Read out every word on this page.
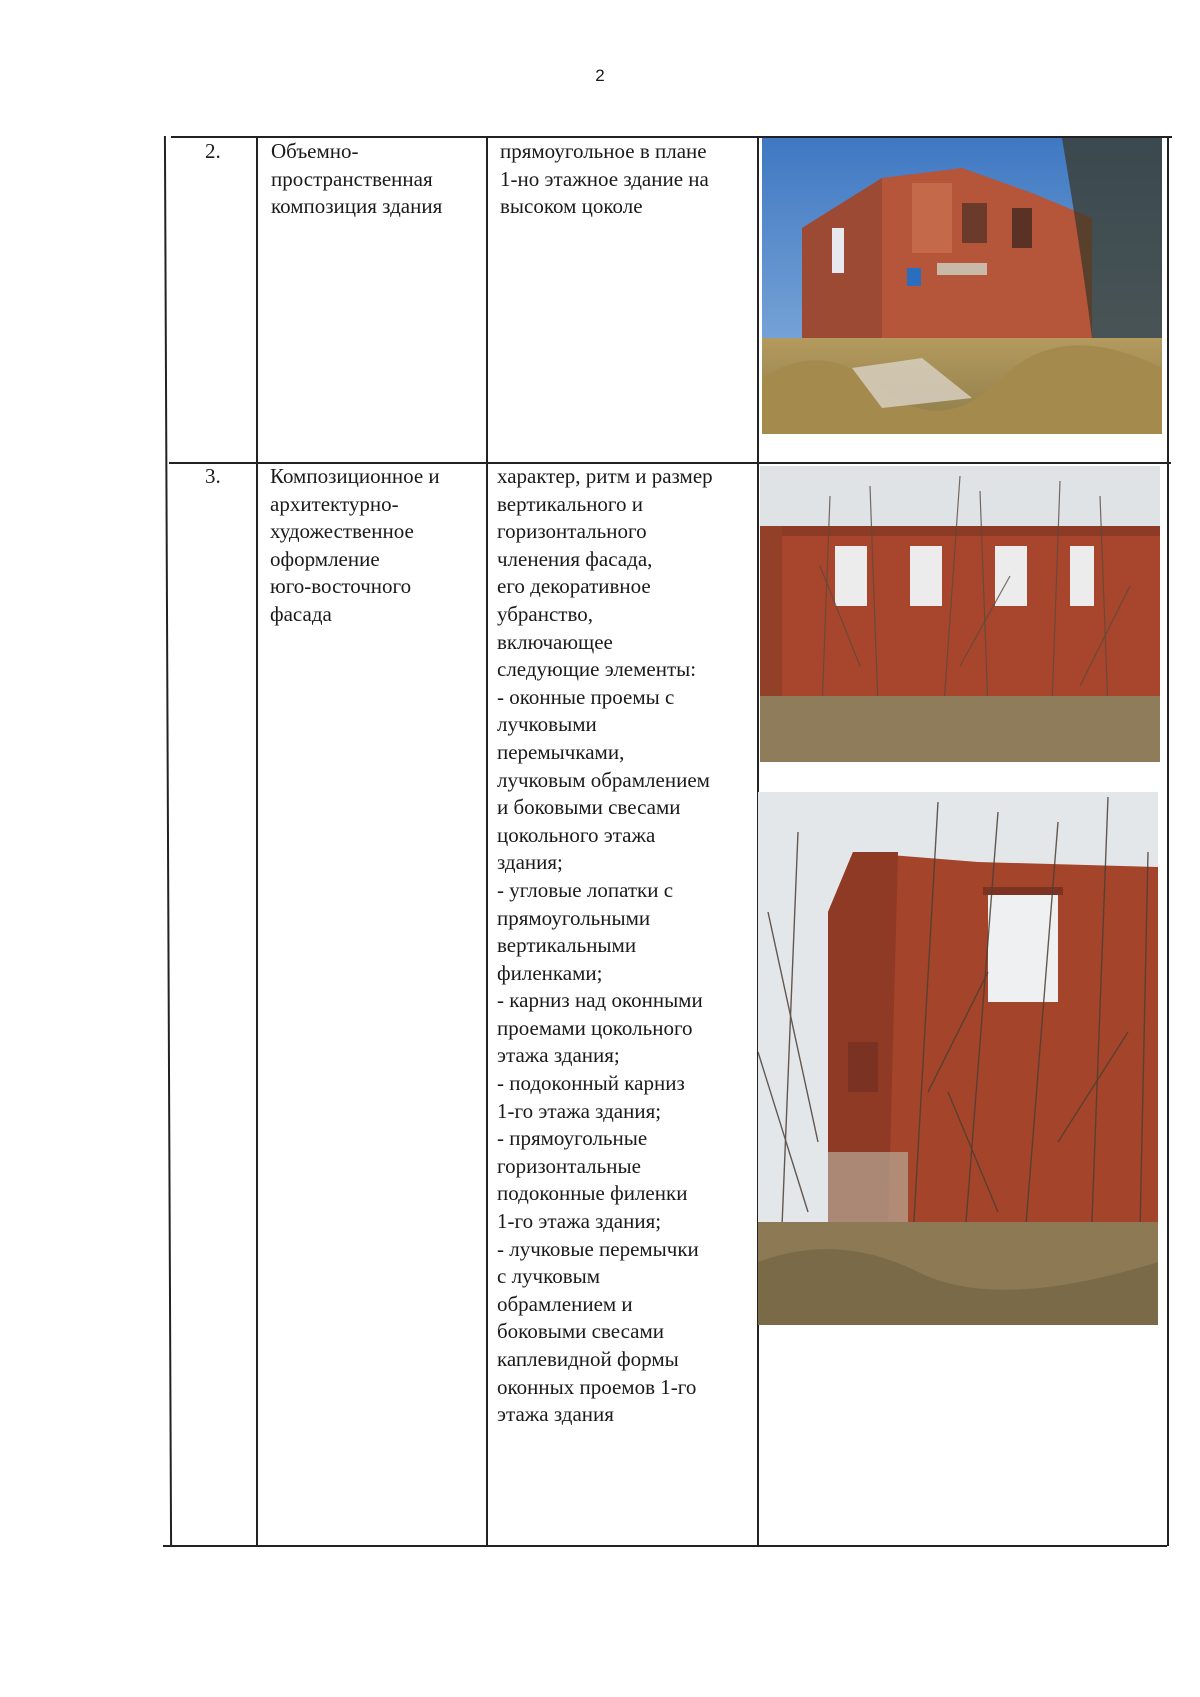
2
2. Объемно-
пространственная
композиция здания
прямоугольное в плане
1-но этажное здание на
высоком цоколе
3. Композиционное и
архитектурно-
художественное
оформление
юго-восточного
фасада
характер, ритм и размер
вертикального и
горизонтального
членения фасада,
его декоративное
убранство,
включающее
следующие элементы:
- оконные проемы с
лучковыми
перемычками,
лучковым обрамлением
и боковыми свесами
цокольного этажа
здания;
- угловые лопатки с
прямоугольными
вертикальными
филенками;
- карниз над оконными
проемами цокольного
этажа здания;
- подоконный карниз
1-го этажа здания;
- прямоугольные
горизонтальные
подоконные филенки
1-го этажа здания;
- лучковые перемычки
с лучковым
обрамлением и
боковыми свесами
каплевидной формы
оконных проемов 1-го
этажа здания
